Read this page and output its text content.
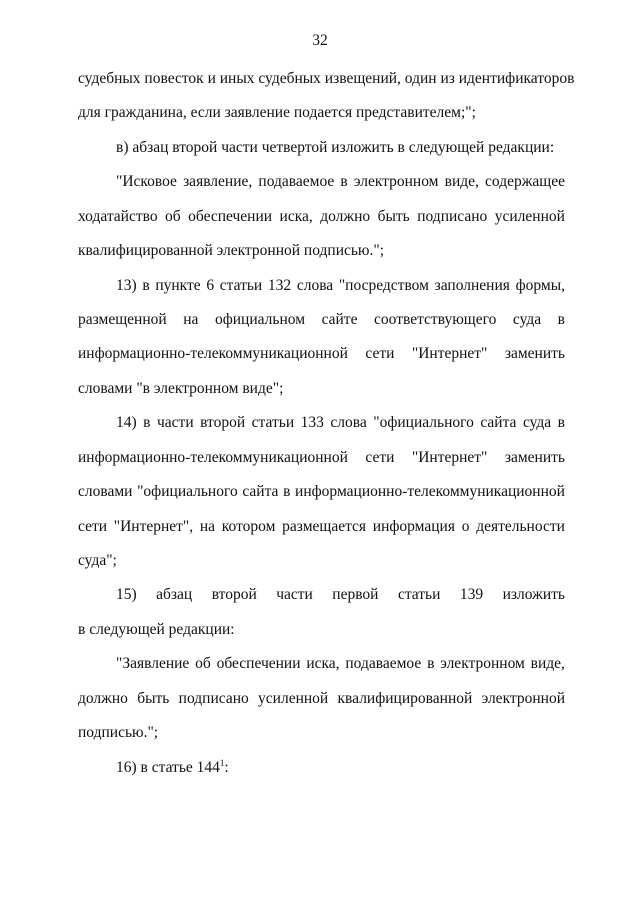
32
судебных повесток и иных судебных извещений, один из идентификаторов
для гражданина, если заявление подается представителем;";
в) абзац второй части четвертой изложить в следующей редакции:
"Исковое заявление, подаваемое в электронном виде, содержащее
ходатайство об обеспечении иска, должно быть подписано усиленной
квалифицированной электронной подписью.";
13) в пункте 6 статьи 132 слова "посредством заполнения формы,
размещенной на официальном сайте соответствующего суда в
информационно-телекоммуникационной сети "Интернет" заменить
словами "в электронном виде";
14) в части второй статьи 133 слова "официального сайта суда в
информационно-телекоммуникационной сети "Интернет" заменить
словами "официального сайта в информационно-телекоммуникационной
сети "Интернет", на котором размещается информация о деятельности
суда";
15) абзац второй части первой статьи 139 изложить
в следующей редакции:
"Заявление об обеспечении иска, подаваемое в электронном виде,
должно быть подписано усиленной квалифицированной электронной
подписью.";
16) в статье $144^1$:
